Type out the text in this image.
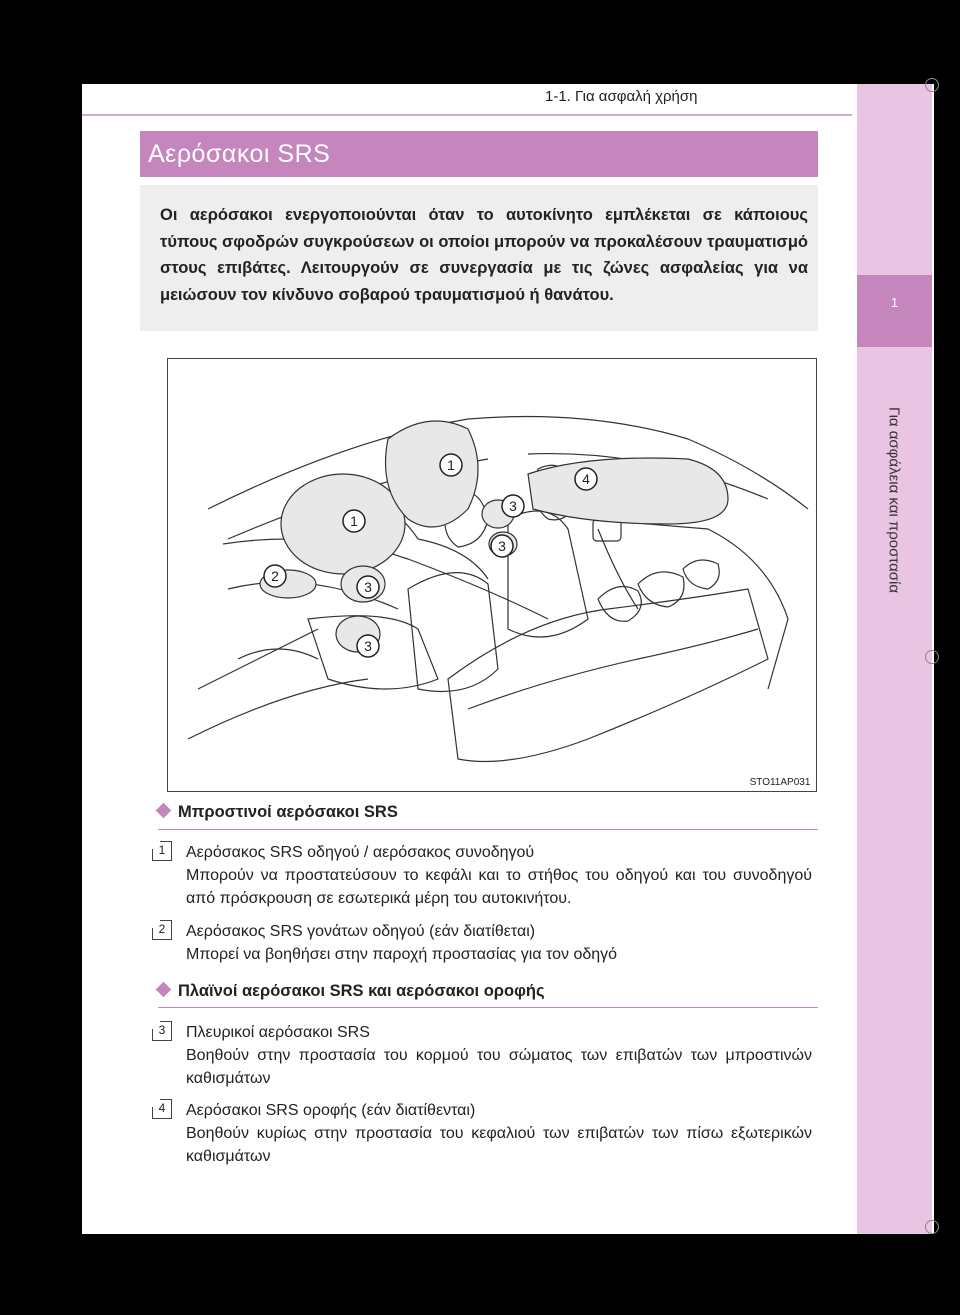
1-1. Για ασφαλή χρήση
1
Για ασφάλεια και προστασία
Αερόσακοι SRS

Οι αερόσακοι ενεργοποιούνται όταν το αυτοκίνητο εμπλέκεται σε κάποιους τύπους σφοδρών συγκρούσεων οι οποίοι μπορούν να προκαλέσουν τραυματισμό στους επιβάτες. Λειτουργούν σε συνεργασία με τις ζώνες ασφαλείας για να μειώσουν τον κίνδυνο σοβαρού τραυματισμού ή θανάτου.

1
1
2
3
3
3
3
4
STO11AP031
Μπροστινοί αερόσακοι SRS
1	Αερόσακος SRS οδηγού / αερόσακος συνοδηγού
Μπορούν να προστατεύσουν το κεφάλι και το στήθος του οδηγού και του συνοδηγού από πρόσκρουση σε εσωτερικά μέρη του αυτοκινήτου.
2	Αερόσακος SRS γονάτων οδηγού (εάν διατίθεται)
Μπορεί να βοηθήσει στην παροχή προστασίας για τον οδηγό
Πλαϊνοί αερόσακοι SRS και αερόσακοι οροφής
3	Πλευρικοί αερόσακοι SRS
Βοηθούν στην προστασία του κορμού του σώματος των επιβατών των μπροστινών καθισμάτων
4	Αερόσακοι SRS οροφής (εάν διατίθενται)
Βοηθούν κυρίως στην προστασία του κεφαλιού των επιβατών των πίσω εξωτερικών καθισμάτων
